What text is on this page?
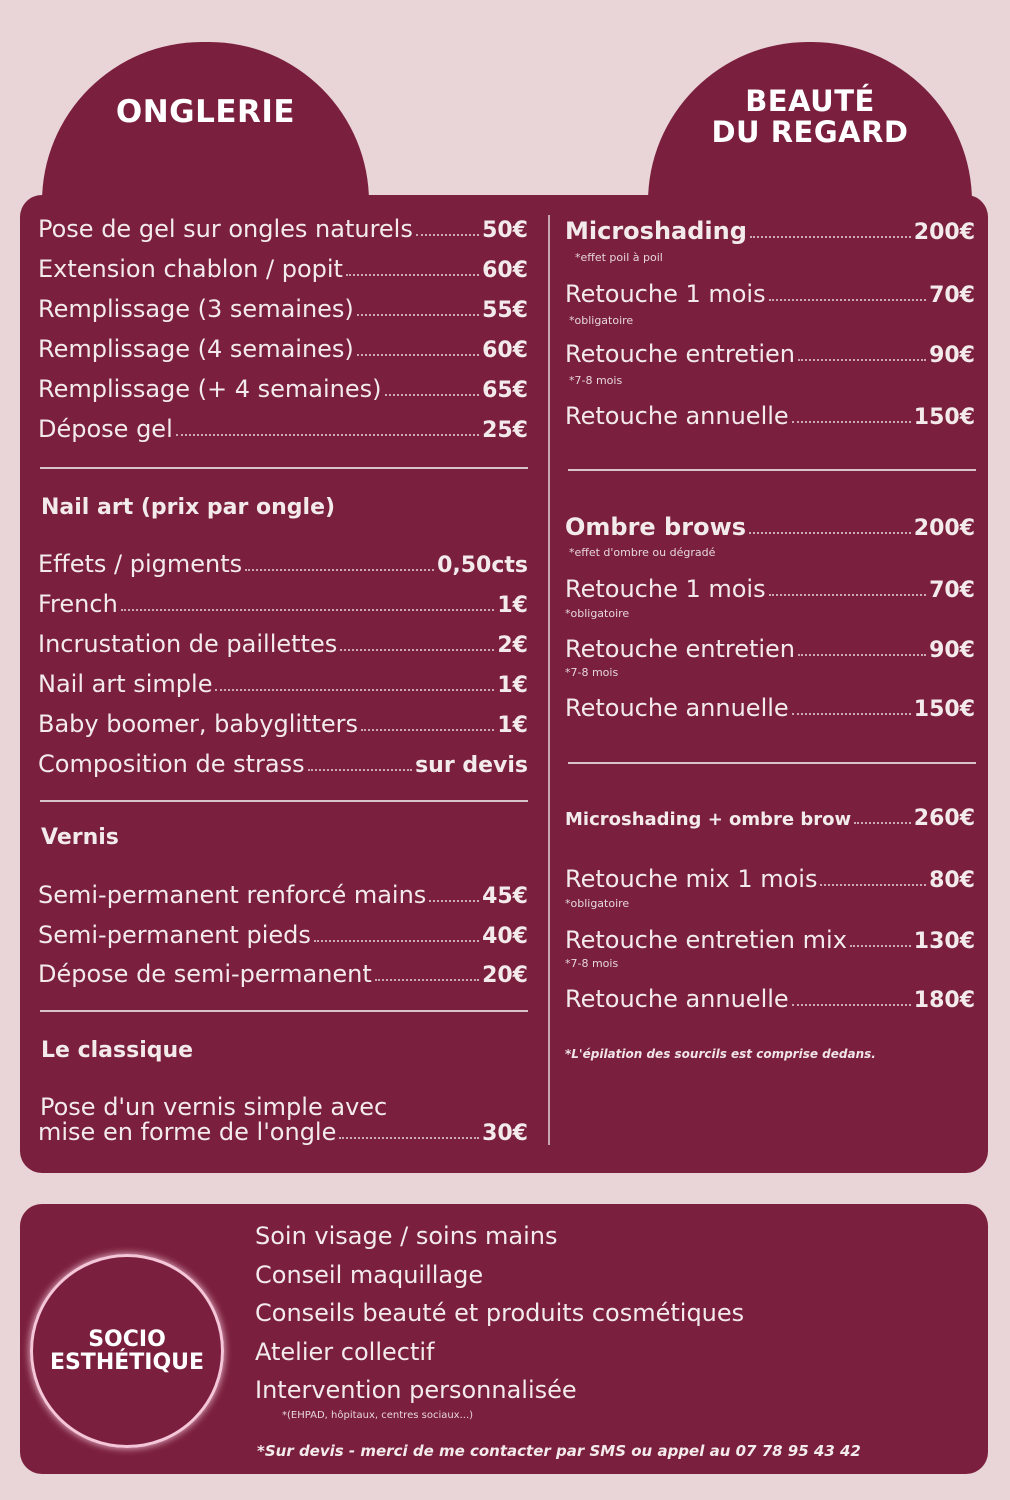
ONGLERIE	BEAUTÉ
DU REGARD
Pose de gel sur ongles naturels	50€
Extension chablon / popit	60€
Remplissage (3 semaines)	55€
Remplissage (4 semaines)	60€
Remplissage (+ 4 semaines)	65€
Dépose gel	25€
Nail art (prix par ongle)
Effets / pigments	0,50cts
French	1€
Incrustation de paillettes	2€
Nail art simple	1€
Baby boomer, babyglitters	1€
Composition de strass	sur devis
Vernis
Semi-permanent renforcé mains	45€
Semi-permanent pieds	40€
Dépose de semi-permanent	20€
Le classique
Pose d'un vernis simple avec
mise en forme de l'ongle	30€
Microshading	200€
*effet poil à poil
Retouche 1 mois	70€
*obligatoire
Retouche entretien	90€
*7-8 mois
Retouche annuelle	150€
Ombre brows	200€
*effet d'ombre ou dégradé
Retouche 1 mois	70€
*obligatoire
Retouche entretien	90€
*7-8 mois
Retouche annuelle	150€
Microshading + ombre brow	260€
Retouche mix 1 mois	80€
*obligatoire
Retouche entretien mix	130€
*7-8 mois
Retouche annuelle	180€
*L'épilation des sourcils est comprise dedans.
SOCIO
ESTHÉTIQUE
Soin visage / soins mains
Conseil maquillage
Conseils beauté et produits cosmétiques
Atelier collectif
Intervention personnalisée
*(EHPAD, hôpitaux, centres sociaux...)
*Sur devis - merci de me contacter par SMS ou appel au 07 78 95 43 42
